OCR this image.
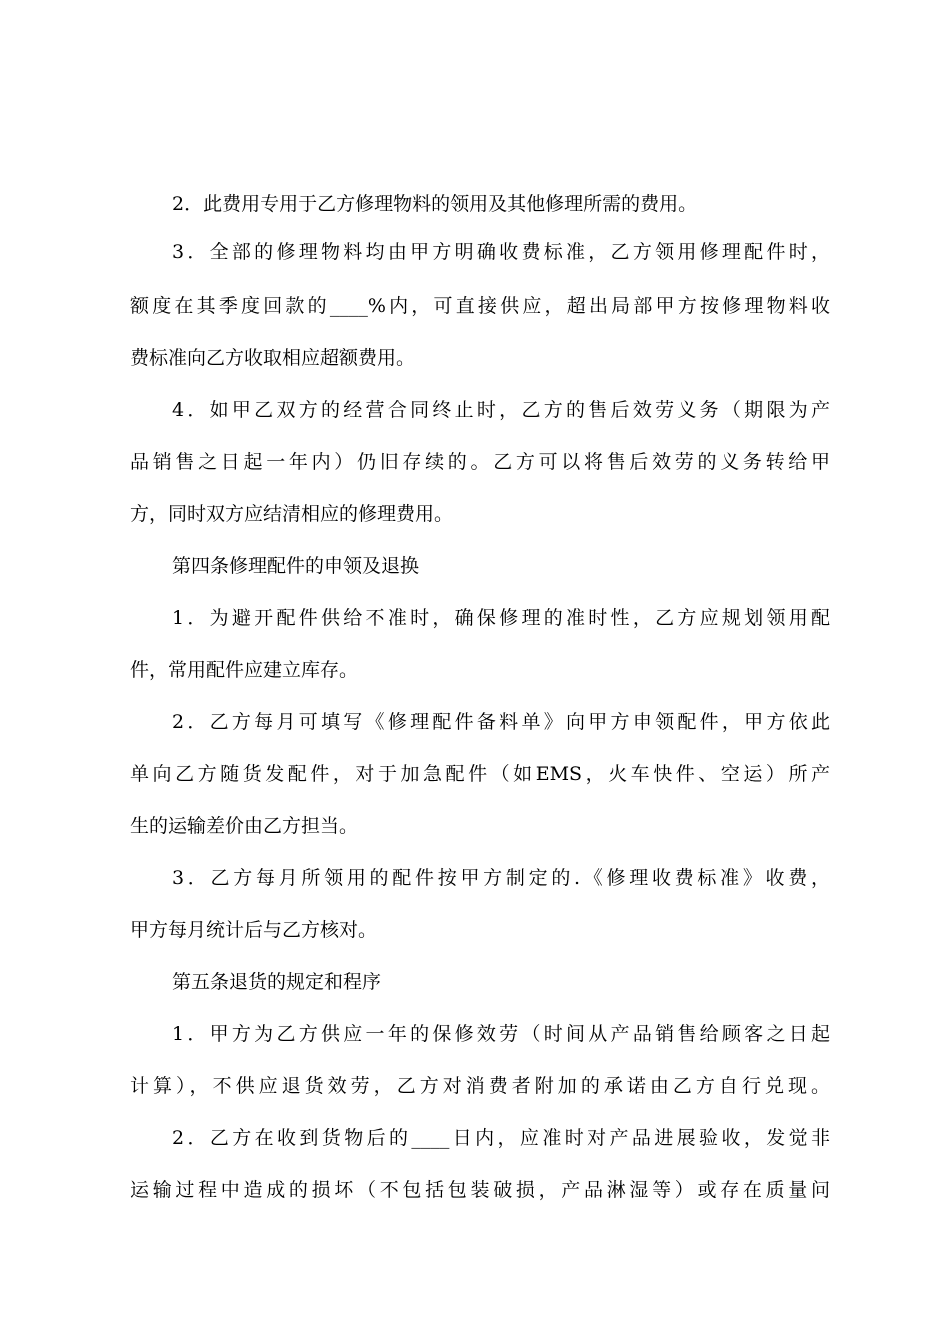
2．此费用专用于乙方修理物料的领用及其他修理所需的费用。
3．全部的修理物料均由甲方明确收费标准，乙方领用修理配件时，
额度在其季度回款的____%内，可直接供应，超出局部甲方按修理物料收
费标准向乙方收取相应超额费用。
4．如甲乙双方的经营合同终止时，乙方的售后效劳义务（期限为产
品销售之日起一年内）仍旧存续的。乙方可以将售后效劳的义务转给甲
方，同时双方应结清相应的修理费用。
第四条修理配件的申领及退换
1．为避开配件供给不准时，确保修理的准时性，乙方应规划领用配
件，常用配件应建立库存。
2．乙方每月可填写《修理配件备料单》向甲方申领配件，甲方依此
单向乙方随货发配件，对于加急配件（如EMS，火车快件、空运）所产
生的运输差价由乙方担当。
3．乙方每月所领用的配件按甲方制定的.《修理收费标准》收费，
甲方每月统计后与乙方核对。
第五条退货的规定和程序
1．甲方为乙方供应一年的保修效劳（时间从产品销售给顾客之日起
计算），不供应退货效劳，乙方对消费者附加的承诺由乙方自行兑现。
2．乙方在收到货物后的____日内，应准时对产品进展验收，发觉非
运输过程中造成的损坏（不包括包装破损，产品淋湿等）或存在质量问
